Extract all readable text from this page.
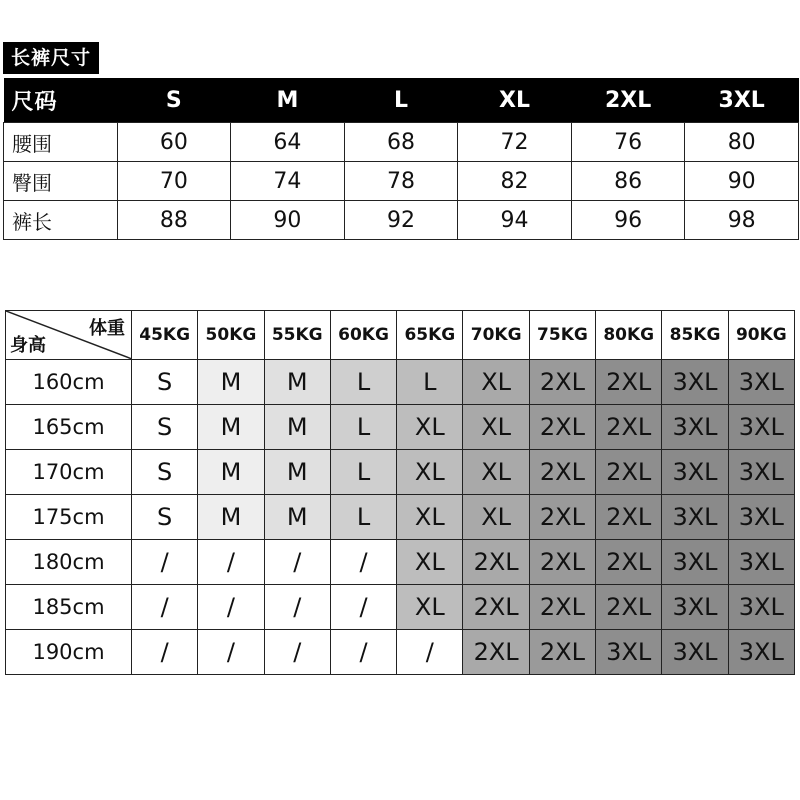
长裤尺寸
尺码	S	M	L	XL	2XL	3XL
腰围	60	64	68	72	76	80
臀围	70	74	78	82	86	90
裤长	88	90	92	94	96	98
体重
身高	45KG	50KG	55KG	60KG	65KG	70KG	75KG	80KG	85KG	90KG
160cm	S	M	M	L	L	XL	2XL	2XL	3XL	3XL
165cm	S	M	M	L	XL	XL	2XL	2XL	3XL	3XL
170cm	S	M	M	L	XL	XL	2XL	2XL	3XL	3XL
175cm	S	M	M	L	XL	XL	2XL	2XL	3XL	3XL
180cm	/	/	/	/	XL	2XL	2XL	2XL	3XL	3XL
185cm	/	/	/	/	XL	2XL	2XL	2XL	3XL	3XL
190cm	/	/	/	/	/	2XL	2XL	3XL	3XL	3XL
